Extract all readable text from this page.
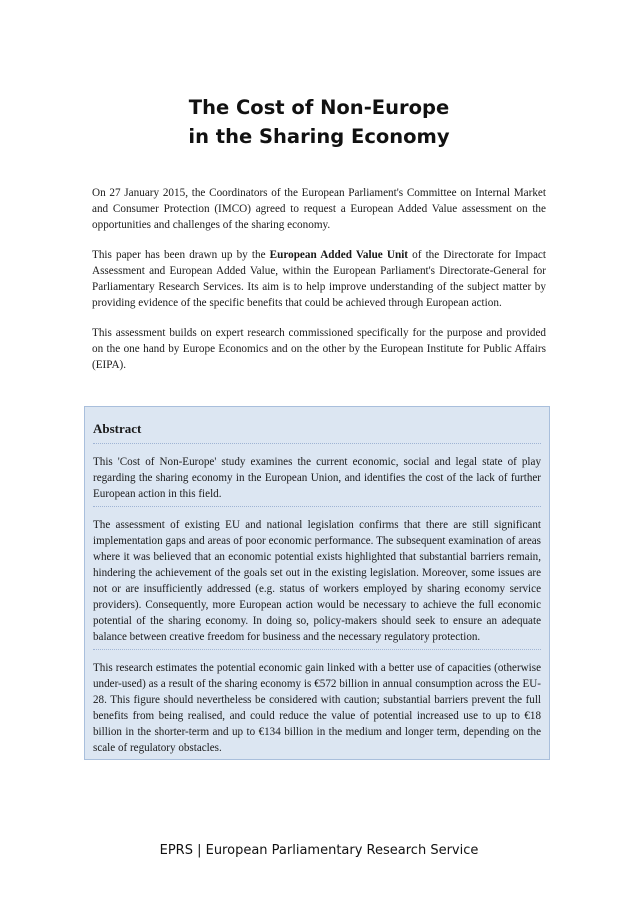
The Cost of Non-Europe
in the Sharing Economy

On 27 January 2015, the Coordinators of the European Parliament's Committee on Internal Market and Consumer Protection (IMCO) agreed to request a European Added Value assessment on the opportunities and challenges of the sharing economy.

This paper has been drawn up by the European Added Value Unit of the Directorate for Impact Assessment and European Added Value, within the European Parliament's Directorate-General for Parliamentary Research Services. Its aim is to help improve understanding of the subject matter by providing evidence of the specific benefits that could be achieved through European action.

This assessment builds on expert research commissioned specifically for the purpose and provided on the one hand by Europe Economics and on the other by the European Institute for Public Affairs (EIPA).

Abstract

This 'Cost of Non-Europe' study examines the current economic, social and legal state of play regarding the sharing economy in the European Union, and identifies the cost of the lack of further European action in this field.

The assessment of existing EU and national legislation confirms that there are still significant implementation gaps and areas of poor economic performance. The subsequent examination of areas where it was believed that an economic potential exists highlighted that substantial barriers remain, hindering the achievement of the goals set out in the existing legislation. Moreover, some issues are not or are insufficiently addressed (e.g. status of workers employed by sharing economy service providers). Consequently, more European action would be necessary to achieve the full economic potential of the sharing economy. In doing so, policy-makers should seek to ensure an adequate balance between creative freedom for business and the necessary regulatory protection.

This research estimates the potential economic gain linked with a better use of capacities (otherwise under-used) as a result of the sharing economy is €572 billion in annual consumption across the EU-28. This figure should nevertheless be considered with caution; substantial barriers prevent the full benefits from being realised, and could reduce the value of potential increased use to up to €18 billion in the shorter-term and up to €134 billion in the medium and longer term, depending on the scale of regulatory obstacles.

EPRS | European Parliamentary Research Service
